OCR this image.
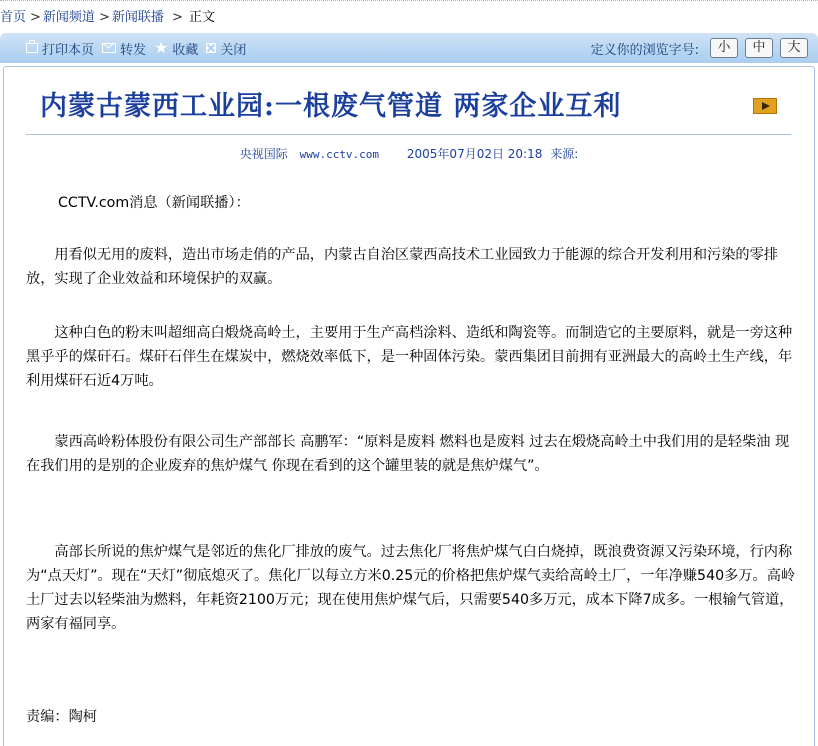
首页 > 新闻频道 > 新闻联播 > 正文
打印本页 转发 ★ 收藏 关闭	定义你的浏览字号:	小	中	大
内蒙古蒙西工业园:一根废气管道 两家企业互利
央视国际 www.cctv.com 2005年07月02日 20:18 来源:

CCTV.com消息（新闻联播）：

用看似无用的废料，造出市场走俏的产品，内蒙古自治区蒙西高技术工业园致力于能源的综合开发利用和污染的零排放，实现了企业效益和环境保护的双赢。

这种白色的粉末叫超细高白煅烧高岭土，主要用于生产高档涂料、造纸和陶瓷等。而制造它的主要原料，就是一旁这种黑乎乎的煤矸石。煤矸石伴生在煤炭中，燃烧效率低下，是一种固体污染。蒙西集团目前拥有亚洲最大的高岭土生产线，年利用煤矸石近4万吨。

蒙西高岭粉体股份有限公司生产部部长 高鹏军：“原料是废料 燃料也是废料 过去在煅烧高岭土中我们用的是轻柴油 现在我们用的是别的企业废弃的焦炉煤气 你现在看到的这个罐里装的就是焦炉煤气”。

高部长所说的焦炉煤气是邻近的焦化厂排放的废气。过去焦化厂将焦炉煤气白白烧掉，既浪费资源又污染环境，行内称为“点天灯”。现在“天灯”彻底熄灭了。焦化厂以每立方米0.25元的价格把焦炉煤气卖给高岭土厂，一年净赚540多万。高岭土厂过去以轻柴油为燃料，年耗资2100万元；现在使用焦炉煤气后，只需要540多万元，成本下降7成多。一根输气管道，两家有福同享。

责编：陶柯
